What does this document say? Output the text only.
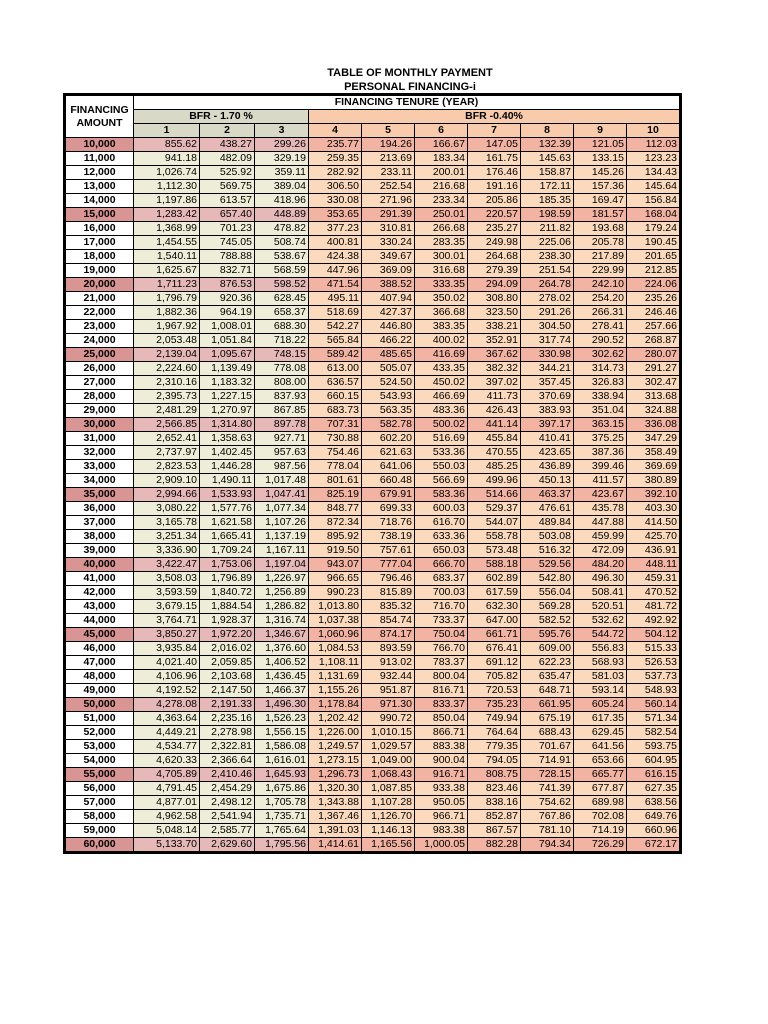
TABLE OF MONTHLY PAYMENT
PERSONAL FINANCING-i
FINANCING AMOUNT	FINANCING TENURE (YEAR)									
	BFR - 1.70 %			BFR -0.40%						
	1	2	3	4	5	6	7	8	9	10
10,000	855.62	438.27	299.26	235.77	194.26	166.67	147.05	132.39	121.05	112.03
11,000	941.18	482.09	329.19	259.35	213.69	183.34	161.75	145.63	133.15	123.23
12,000	1,026.74	525.92	359.11	282.92	233.11	200.01	176.46	158.87	145.26	134.43
13,000	1,112.30	569.75	389.04	306.50	252.54	216.68	191.16	172.11	157.36	145.64
14,000	1,197.86	613.57	418.96	330.08	271.96	233.34	205.86	185.35	169.47	156.84
15,000	1,283.42	657.40	448.89	353.65	291.39	250.01	220.57	198.59	181.57	168.04
16,000	1,368.99	701.23	478.82	377.23	310.81	266.68	235.27	211.82	193.68	179.24
17,000	1,454.55	745.05	508.74	400.81	330.24	283.35	249.98	225.06	205.78	190.45
18,000	1,540.11	788.88	538.67	424.38	349.67	300.01	264.68	238.30	217.89	201.65
19,000	1,625.67	832.71	568.59	447.96	369.09	316.68	279.39	251.54	229.99	212.85
20,000	1,711.23	876.53	598.52	471.54	388.52	333.35	294.09	264.78	242.10	224.06
21,000	1,796.79	920.36	628.45	495.11	407.94	350.02	308.80	278.02	254.20	235.26
22,000	1,882.36	964.19	658.37	518.69	427.37	366.68	323.50	291.26	266.31	246.46
23,000	1,967.92	1,008.01	688.30	542.27	446.80	383.35	338.21	304.50	278.41	257.66
24,000	2,053.48	1,051.84	718.22	565.84	466.22	400.02	352.91	317.74	290.52	268.87
25,000	2,139.04	1,095.67	748.15	589.42	485.65	416.69	367.62	330.98	302.62	280.07
26,000	2,224.60	1,139.49	778.08	613.00	505.07	433.35	382.32	344.21	314.73	291.27
27,000	2,310.16	1,183.32	808.00	636.57	524.50	450.02	397.02	357.45	326.83	302.47
28,000	2,395.73	1,227.15	837.93	660.15	543.93	466.69	411.73	370.69	338.94	313.68
29,000	2,481.29	1,270.97	867.85	683.73	563.35	483.36	426.43	383.93	351.04	324.88
30,000	2,566.85	1,314.80	897.78	707.31	582.78	500.02	441.14	397.17	363.15	336.08
31,000	2,652.41	1,358.63	927.71	730.88	602.20	516.69	455.84	410.41	375.25	347.29
32,000	2,737.97	1,402.45	957.63	754.46	621.63	533.36	470.55	423.65	387.36	358.49
33,000	2,823.53	1,446.28	987.56	778.04	641.06	550.03	485.25	436.89	399.46	369.69
34,000	2,909.10	1,490.11	1,017.48	801.61	660.48	566.69	499.96	450.13	411.57	380.89
35,000	2,994.66	1,533.93	1,047.41	825.19	679.91	583.36	514.66	463.37	423.67	392.10
36,000	3,080.22	1,577.76	1,077.34	848.77	699.33	600.03	529.37	476.61	435.78	403.30
37,000	3,165.78	1,621.58	1,107.26	872.34	718.76	616.70	544.07	489.84	447.88	414.50
38,000	3,251.34	1,665.41	1,137.19	895.92	738.19	633.36	558.78	503.08	459.99	425.70
39,000	3,336.90	1,709.24	1,167.11	919.50	757.61	650.03	573.48	516.32	472.09	436.91
40,000	3,422.47	1,753.06	1,197.04	943.07	777.04	666.70	588.18	529.56	484.20	448.11
41,000	3,508.03	1,796.89	1,226.97	966.65	796.46	683.37	602.89	542.80	496.30	459.31
42,000	3,593.59	1,840.72	1,256.89	990.23	815.89	700.03	617.59	556.04	508.41	470.52
43,000	3,679.15	1,884.54	1,286.82	1,013.80	835.32	716.70	632.30	569.28	520.51	481.72
44,000	3,764.71	1,928.37	1,316.74	1,037.38	854.74	733.37	647.00	582.52	532.62	492.92
45,000	3,850.27	1,972.20	1,346.67	1,060.96	874.17	750.04	661.71	595.76	544.72	504.12
46,000	3,935.84	2,016.02	1,376.60	1,084.53	893.59	766.70	676.41	609.00	556.83	515.33
47,000	4,021.40	2,059.85	1,406.52	1,108.11	913.02	783.37	691.12	622.23	568.93	526.53
48,000	4,106.96	2,103.68	1,436.45	1,131.69	932.44	800.04	705.82	635.47	581.03	537.73
49,000	4,192.52	2,147.50	1,466.37	1,155.26	951.87	816.71	720.53	648.71	593.14	548.93
50,000	4,278.08	2,191.33	1,496.30	1,178.84	971.30	833.37	735.23	661.95	605.24	560.14
51,000	4,363.64	2,235.16	1,526.23	1,202.42	990.72	850.04	749.94	675.19	617.35	571.34
52,000	4,449.21	2,278.98	1,556.15	1,226.00	1,010.15	866.71	764.64	688.43	629.45	582.54
53,000	4,534.77	2,322.81	1,586.08	1,249.57	1,029.57	883.38	779.35	701.67	641.56	593.75
54,000	4,620.33	2,366.64	1,616.01	1,273.15	1,049.00	900.04	794.05	714.91	653.66	604.95
55,000	4,705.89	2,410.46	1,645.93	1,296.73	1,068.43	916.71	808.75	728.15	665.77	616.15
56,000	4,791.45	2,454.29	1,675.86	1,320.30	1,087.85	933.38	823.46	741.39	677.87	627.35
57,000	4,877.01	2,498.12	1,705.78	1,343.88	1,107.28	950.05	838.16	754.62	689.98	638.56
58,000	4,962.58	2,541.94	1,735.71	1,367.46	1,126.70	966.71	852.87	767.86	702.08	649.76
59,000	5,048.14	2,585.77	1,765.64	1,391.03	1,146.13	983.38	867.57	781.10	714.19	660.96
60,000	5,133.70	2,629.60	1,795.56	1,414.61	1,165.56	1,000.05	882.28	794.34	726.29	672.17
